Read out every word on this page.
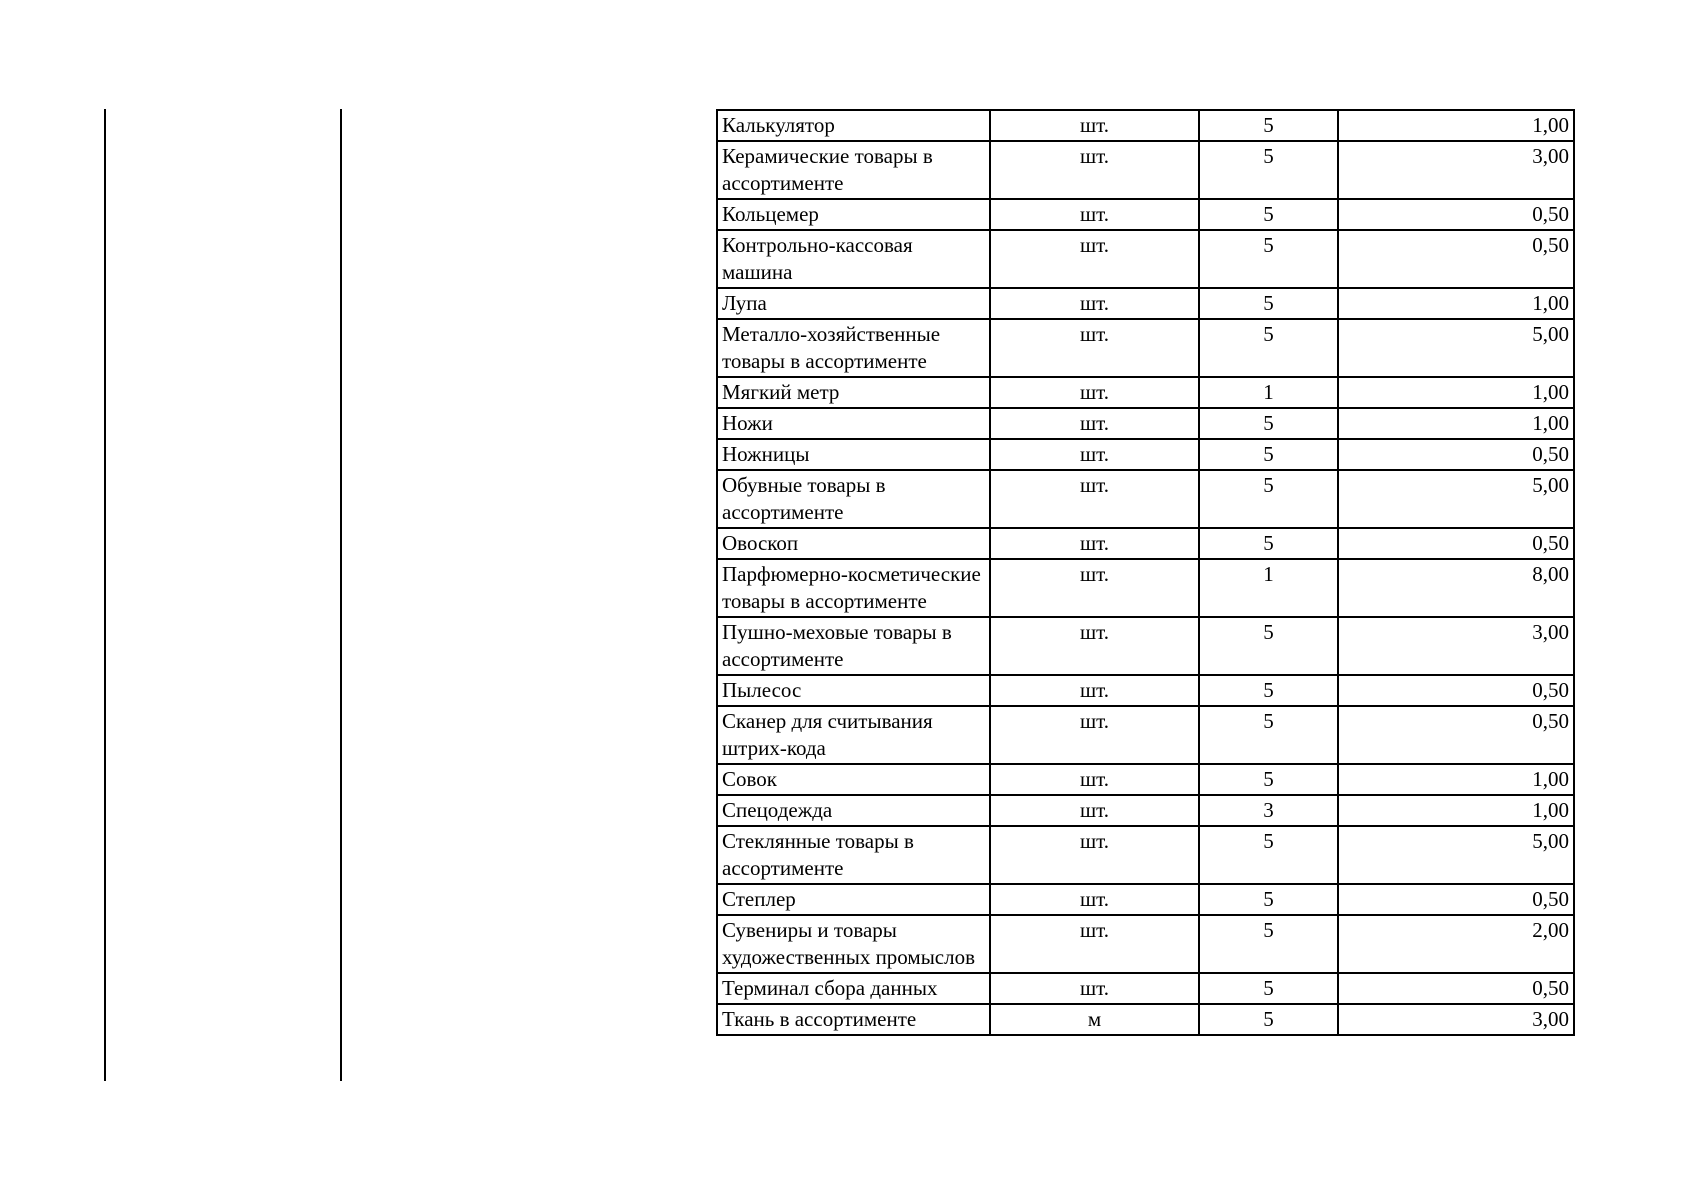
Калькулятор	шт.	5	1,00
Керамические товары в ассортименте	шт.	5	3,00
Кольцемер	шт.	5	0,50
Контрольно-кассовая машина	шт.	5	0,50
Лупа	шт.	5	1,00
Металло-хозяйственные товары в ассортименте	шт.	5	5,00
Мягкий метр	шт.	1	1,00
Ножи	шт.	5	1,00
Ножницы	шт.	5	0,50
Обувные товары в ассортименте	шт.	5	5,00
Овоскоп	шт.	5	0,50
Парфюмерно-косметические товары в ассортименте	шт.	1	8,00
Пушно-меховые товары в ассортименте	шт.	5	3,00
Пылесос	шт.	5	0,50
Сканер для считывания штрих-кода	шт.	5	0,50
Совок	шт.	5	1,00
Спецодежда	шт.	3	1,00
Стеклянные товары в ассортименте	шт.	5	5,00
Степлер	шт.	5	0,50
Сувениры и товары художественных промыслов	шт.	5	2,00
Терминал сбора данных	шт.	5	0,50
Ткань в ассортименте	м	5	3,00
